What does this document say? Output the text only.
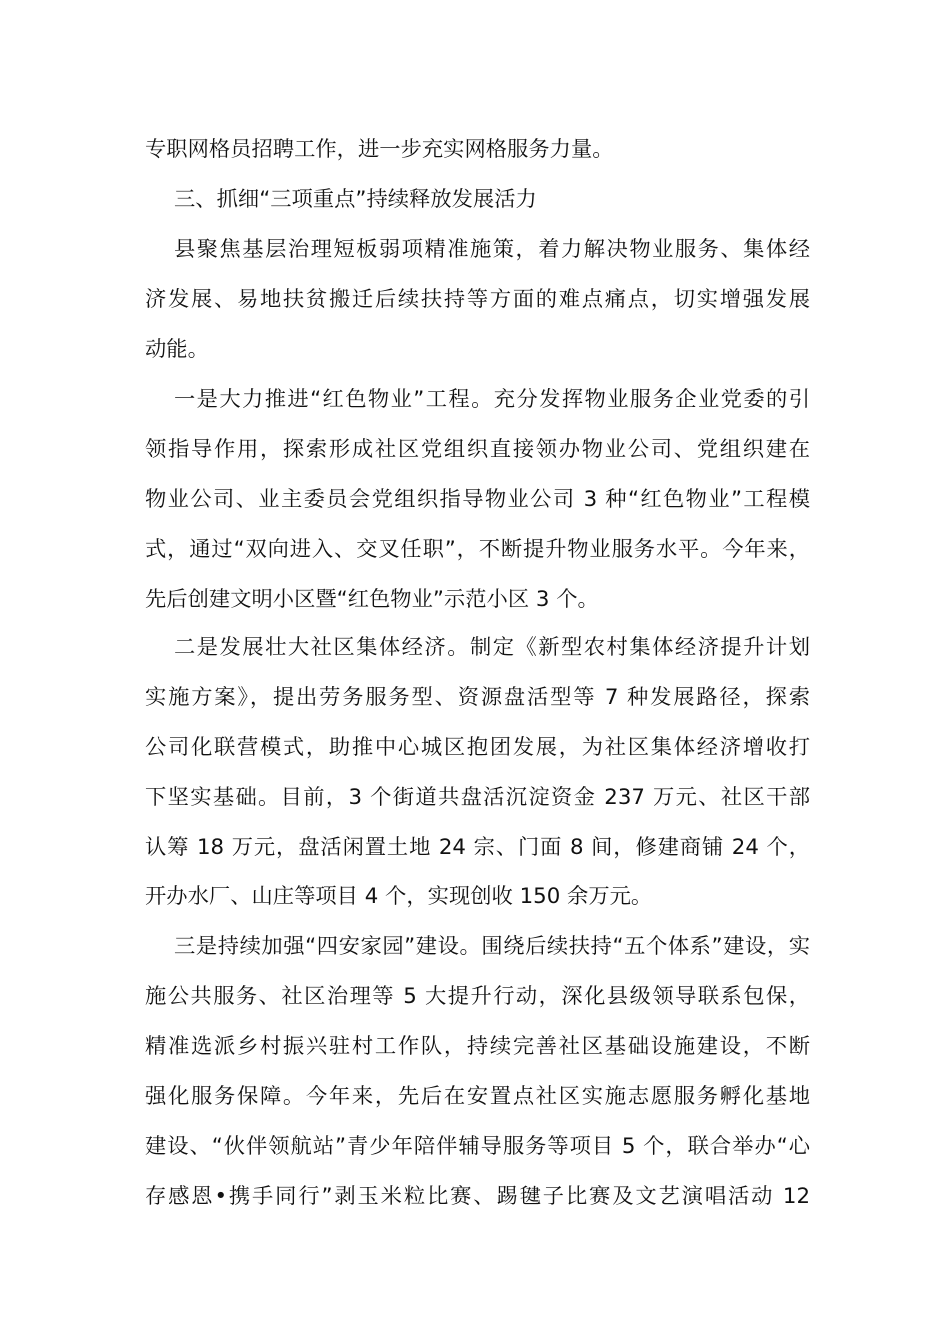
专职网格员招聘工作，进一步充实网格服务力量。
三、抓细“三项重点”持续释放发展活力
县聚焦基层治理短板弱项精准施策，着力解决物业服务、集体经
济发展、易地扶贫搬迁后续扶持等方面的难点痛点，切实增强发展
动能。
一是大力推进“红色物业”工程。充分发挥物业服务企业党委的引
领指导作用，探索形成社区党组织直接领办物业公司、党组织建在
物业公司、业主委员会党组织指导物业公司 3 种“红色物业”工程模
式，通过“双向进入、交叉任职”，不断提升物业服务水平。今年来，
先后创建文明小区暨“红色物业”示范小区 3 个。
二是发展壮大社区集体经济。制定《新型农村集体经济提升计划
实施方案》，提出劳务服务型、资源盘活型等 7 种发展路径，探索
公司化联营模式，助推中心城区抱团发展，为社区集体经济增收打
下坚实基础。目前，3 个街道共盘活沉淀资金 237 万元、社区干部
认筹 18 万元，盘活闲置土地 24 宗、门面 8 间，修建商铺 24 个，
开办水厂、山庄等项目 4 个，实现创收 150 余万元。
三是持续加强“四安家园”建设。围绕后续扶持“五个体系”建设，实
施公共服务、社区治理等 5 大提升行动，深化县级领导联系包保，
精准选派乡村振兴驻村工作队，持续完善社区基础设施建设，不断
强化服务保障。今年来，先后在安置点社区实施志愿服务孵化基地
建设、“伙伴领航站”青少年陪伴辅导服务等项目 5 个，联合举办“心
存感恩•携手同行”剥玉米粒比赛、踢毽子比赛及文艺演唱活动 12
